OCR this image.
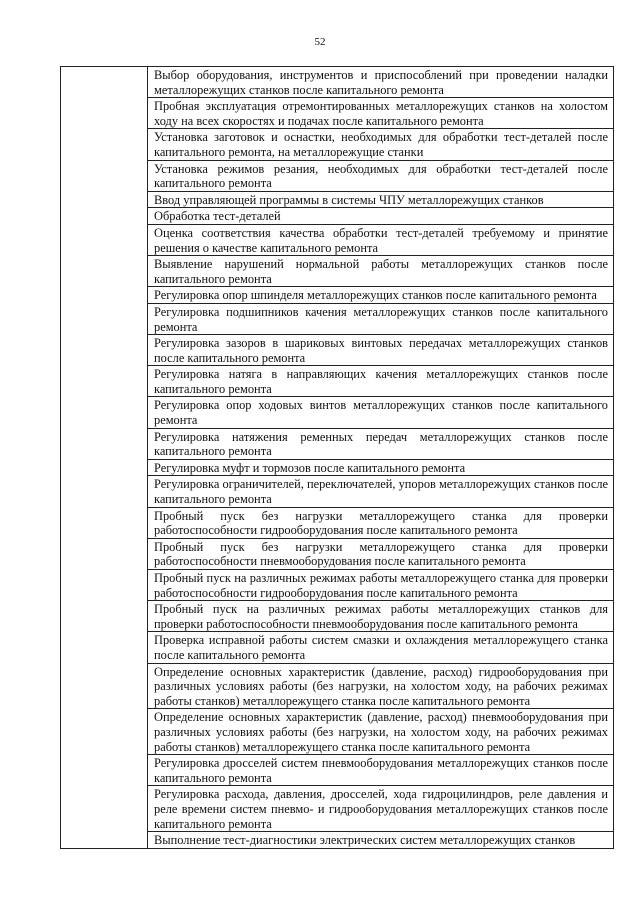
52
	Выбор оборудования, инструментов и приспособлений при проведении наладки металлорежущих станков после капитального ремонта
Пробная эксплуатация отремонтированных металлорежущих станков на холостом ходу на всех скоростях и подачах после капитального ремонта
Установка заготовок и оснастки, необходимых для обработки тест-деталей после капитального ремонта, на металлорежущие станки
Установка режимов резания, необходимых для обработки тест-деталей после капитального ремонта
Ввод управляющей программы в системы ЧПУ металлорежущих станков
Обработка тест-деталей
Оценка соответствия качества обработки тест-деталей требуемому и принятие решения о качестве капитального ремонта
Выявление нарушений нормальной работы металлорежущих станков после капитального ремонта
Регулировка опор шпинделя металлорежущих станков после капитального ремонта
Регулировка подшипников качения металлорежущих станков после капитального ремонта
Регулировка зазоров в шариковых винтовых передачах металлорежущих станков после капитального ремонта
Регулировка натяга в направляющих качения металлорежущих станков после капитального ремонта
Регулировка опор ходовых винтов металлорежущих станков после капитального ремонта
Регулировка натяжения ременных передач металлорежущих станков после капитального ремонта
Регулировка муфт и тормозов после капитального ремонта
Регулировка ограничителей, переключателей, упоров металлорежущих станков после капитального ремонта
Пробный пуск без нагрузки металлорежущего станка для проверки работоспособности гидрооборудования после капитального ремонта
Пробный пуск без нагрузки металлорежущего станка для проверки работоспособности пневмооборудования после капитального ремонта
Пробный пуск на различных режимах работы металлорежущего станка для проверки работоспособности гидрооборудования после капитального ремонта
Пробный пуск на различных режимах работы металлорежущих станков для проверки работоспособности пневмооборудования после капитального ремонта
Проверка исправной работы систем смазки и охлаждения металлорежущего станка после капитального ремонта
Определение основных характеристик (давление, расход) гидрооборудования при различных условиях работы (без нагрузки, на холостом ходу, на рабочих режимах работы станков) металлорежущего станка после капитального ремонта
Определение основных характеристик (давление, расход) пневмооборудования при различных условиях работы (без нагрузки, на холостом ходу, на рабочих режимах работы станков) металлорежущего станка после капитального ремонта
Регулировка дросселей систем пневмооборудования металлорежущих станков после капитального ремонта
Регулировка расхода, давления, дросселей, хода гидроцилиндров, реле давления и реле времени систем пневмо- и гидрооборудования металлорежущих станков после капитального ремонта
Выполнение тест-диагностики электрических систем металлорежущих станков
